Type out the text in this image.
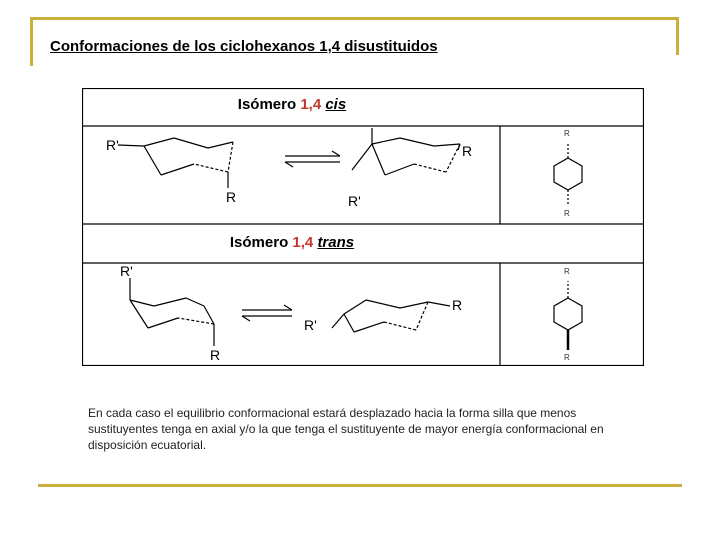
Conformaciones de los ciclohexanos 1,4 disustituidos
Isómero 1,4 cis
Isómero 1,4 trans
R'
R
R
R'
R
R
R'
R
R'
R
R
R
En cada caso el equilibrio conformacional estará desplazado hacia la forma silla que menos sustituyentes tenga en axial y/o la que tenga el sustituyente de mayor energía conformacional en disposición ecuatorial.
